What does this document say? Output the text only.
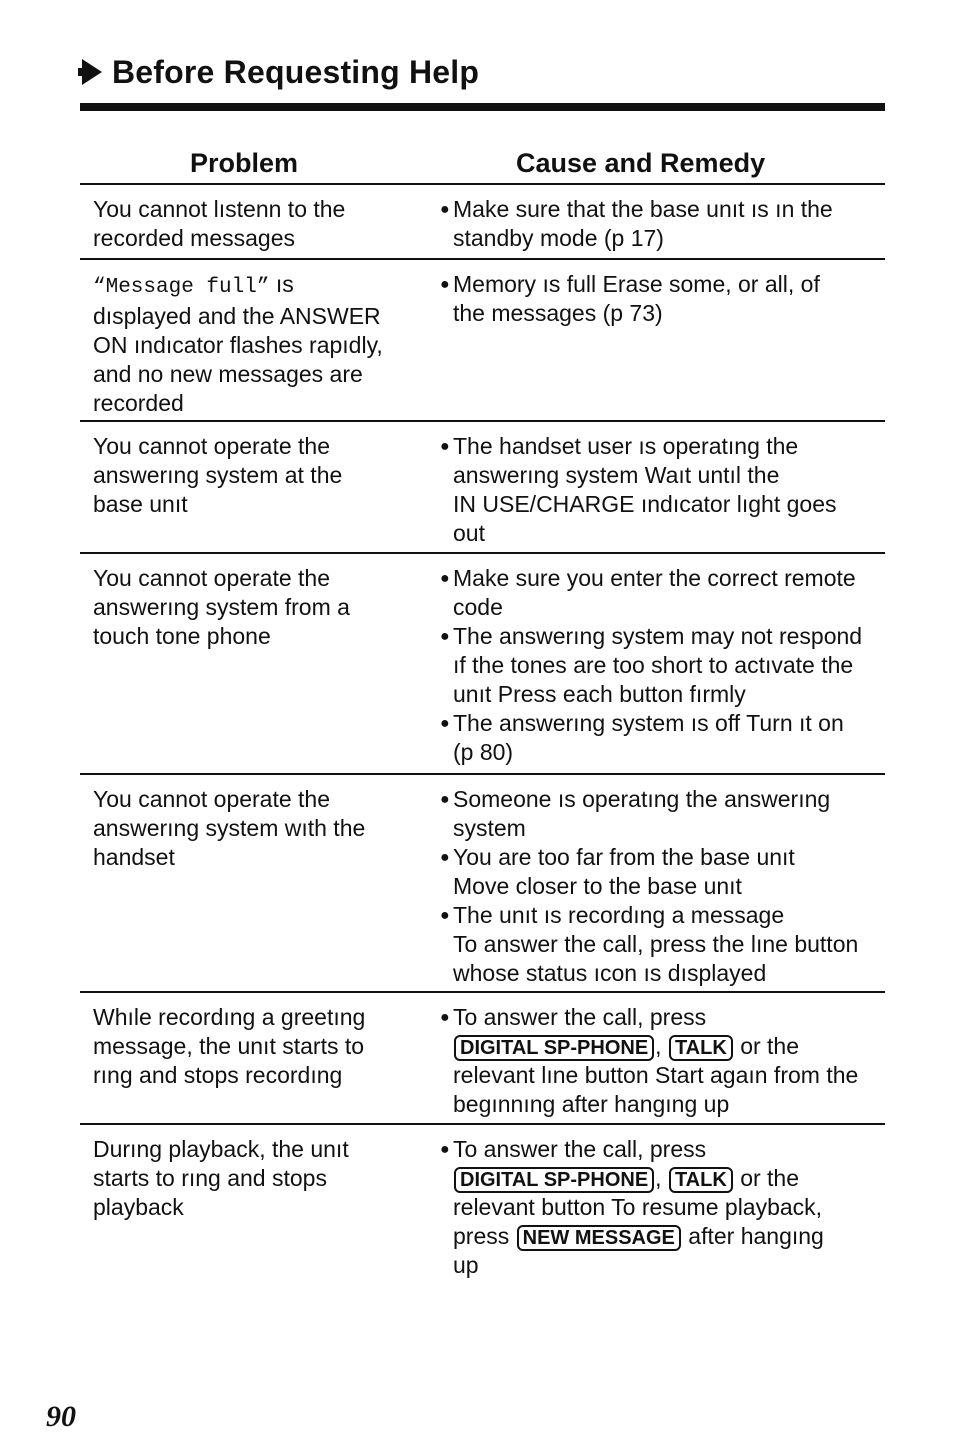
Before Requesting Help
Problem	Cause and Remedy
You cannot lıstenn to the
recorded messages
● Make sure that the base unıt ıs ın the
standby mode (p 17)
“Message full” ıs
dısplayed and the ANSWER
ON ındıcator flashes rapıdly,
and no new messages are
recorded
● Memory ıs full Erase some, or all, of
the messages (p 73)
You cannot operate the
answerıng system at the
base unıt
● The handset user ıs operatıng the
answerıng system Waıt untıl the
IN USE/CHARGE ındıcator lıght goes
out
You cannot operate the
answerıng system from a
touch tone phone
● Make sure you enter the correct remote
code
● The answerıng system may not respond
ıf the tones are too short to actıvate the
unıt Press each button fırmly
● The answerıng system ıs off Turn ıt on
(p 80)
You cannot operate the
answerıng system wıth the
handset
● Someone ıs operatıng the answerıng
system
● You are too far from the base unıt
Move closer to the base unıt
● The unıt ıs recordıng a message
To answer the call, press the lıne button
whose status ıcon ıs dısplayed
Whıle recordıng a greetıng
message, the unıt starts to
rıng and stops recordıng
● To answer the call, press
DIGITAL SP-PHONE , TALK or the
relevant lıne button Start agaın from the
begınnıng after hangıng up
Durıng playback, the unıt
starts to rıng and stops
playback
● To answer the call, press
DIGITAL SP-PHONE , TALK or the
relevant button To resume playback,
press NEW MESSAGE after hangıng
up
90
